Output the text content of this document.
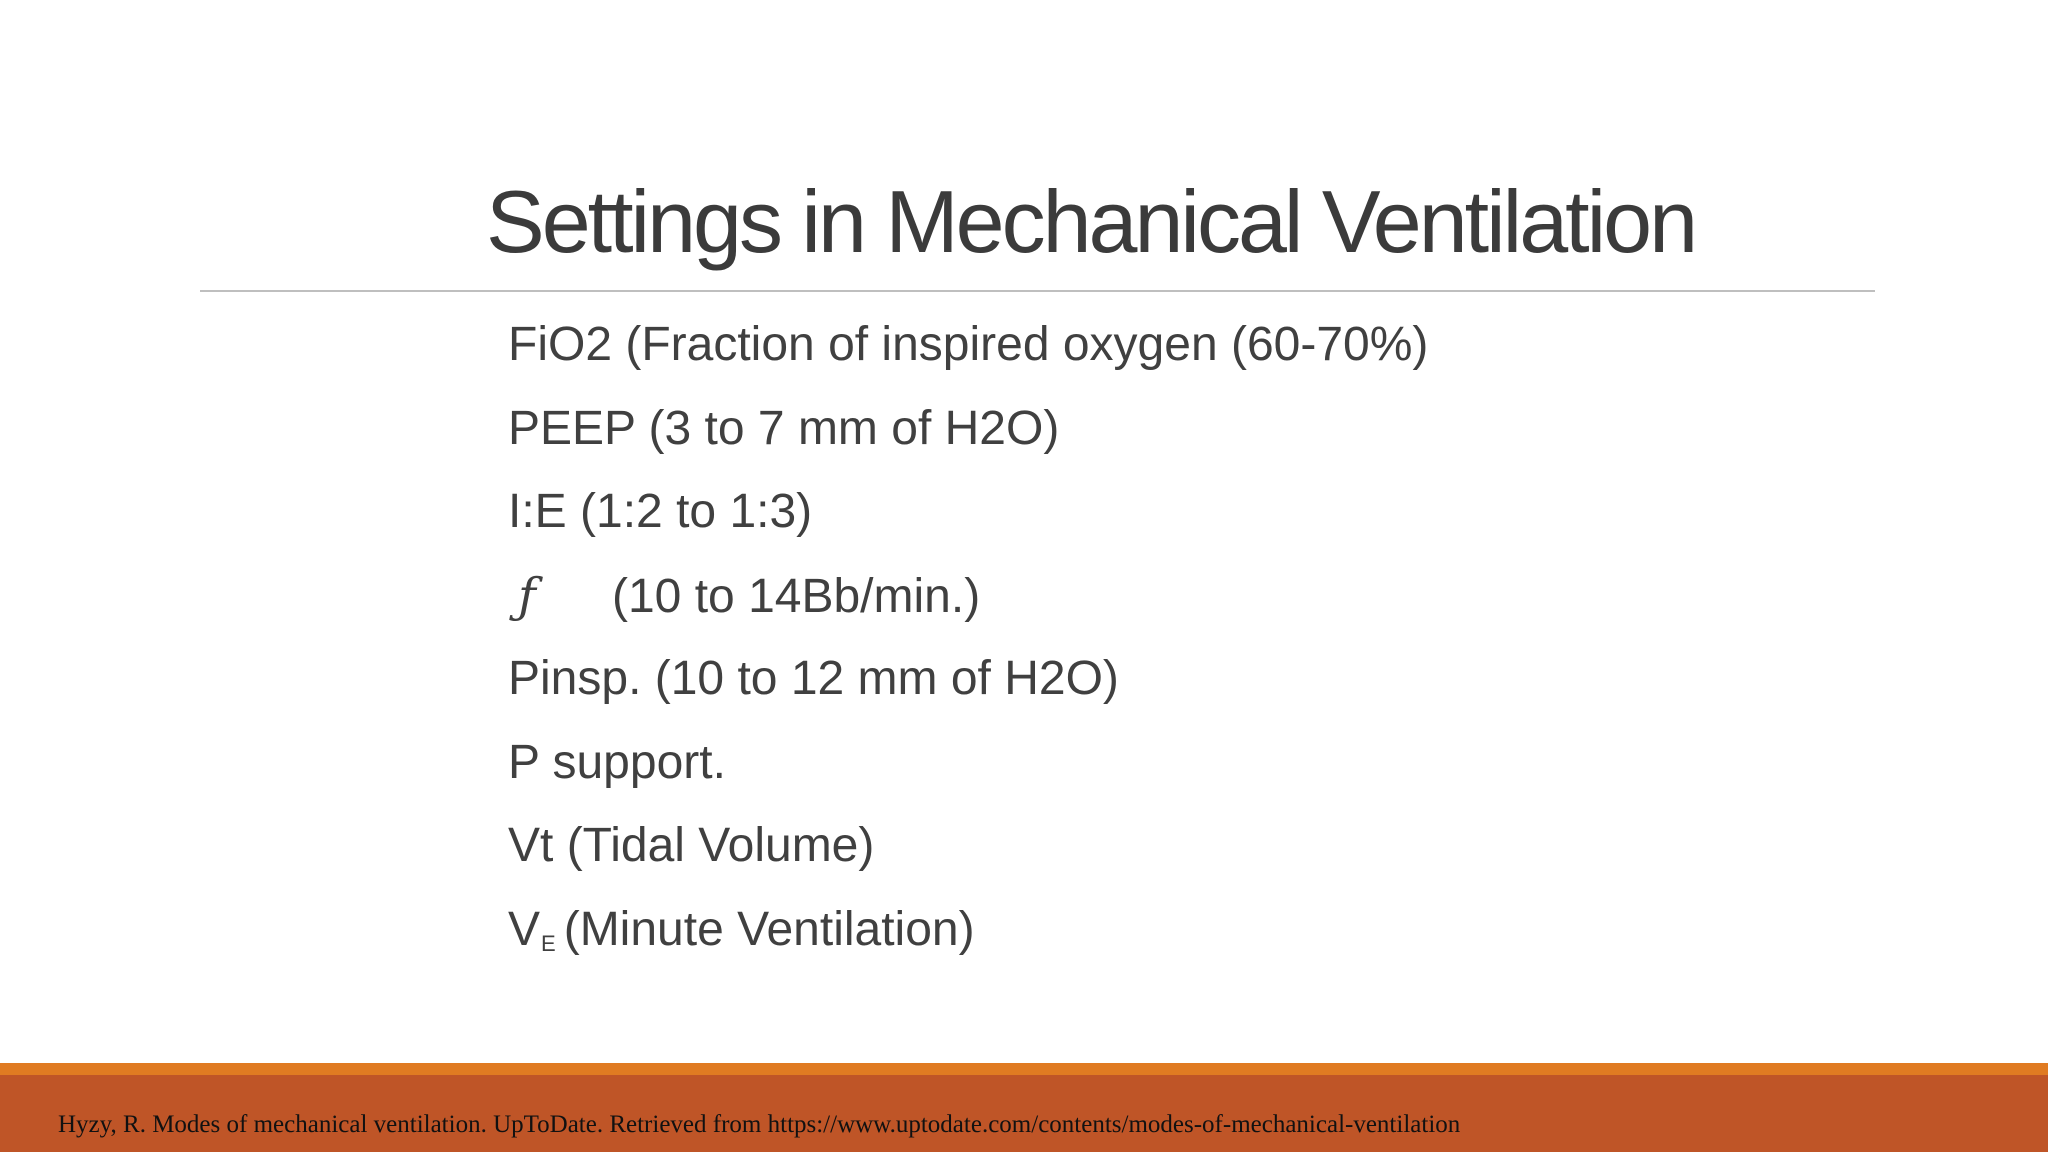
Settings in Mechanical Ventilation
FiO2 (Fraction of inspired oxygen (60-70%)
PEEP (3 to 7 mm of H2O)
I:E (1:2 to 1:3)
ƒ (10 to 14Bb/min.)
Pinsp. (10 to 12 mm of H2O)
P support.
Vt (Tidal Volume)
VE (Minute Ventilation)
Hyzy, R. Modes of mechanical ventilation. UpToDate. Retrieved from https://www.uptodate.com/contents/modes-of-mechanical-ventilation
